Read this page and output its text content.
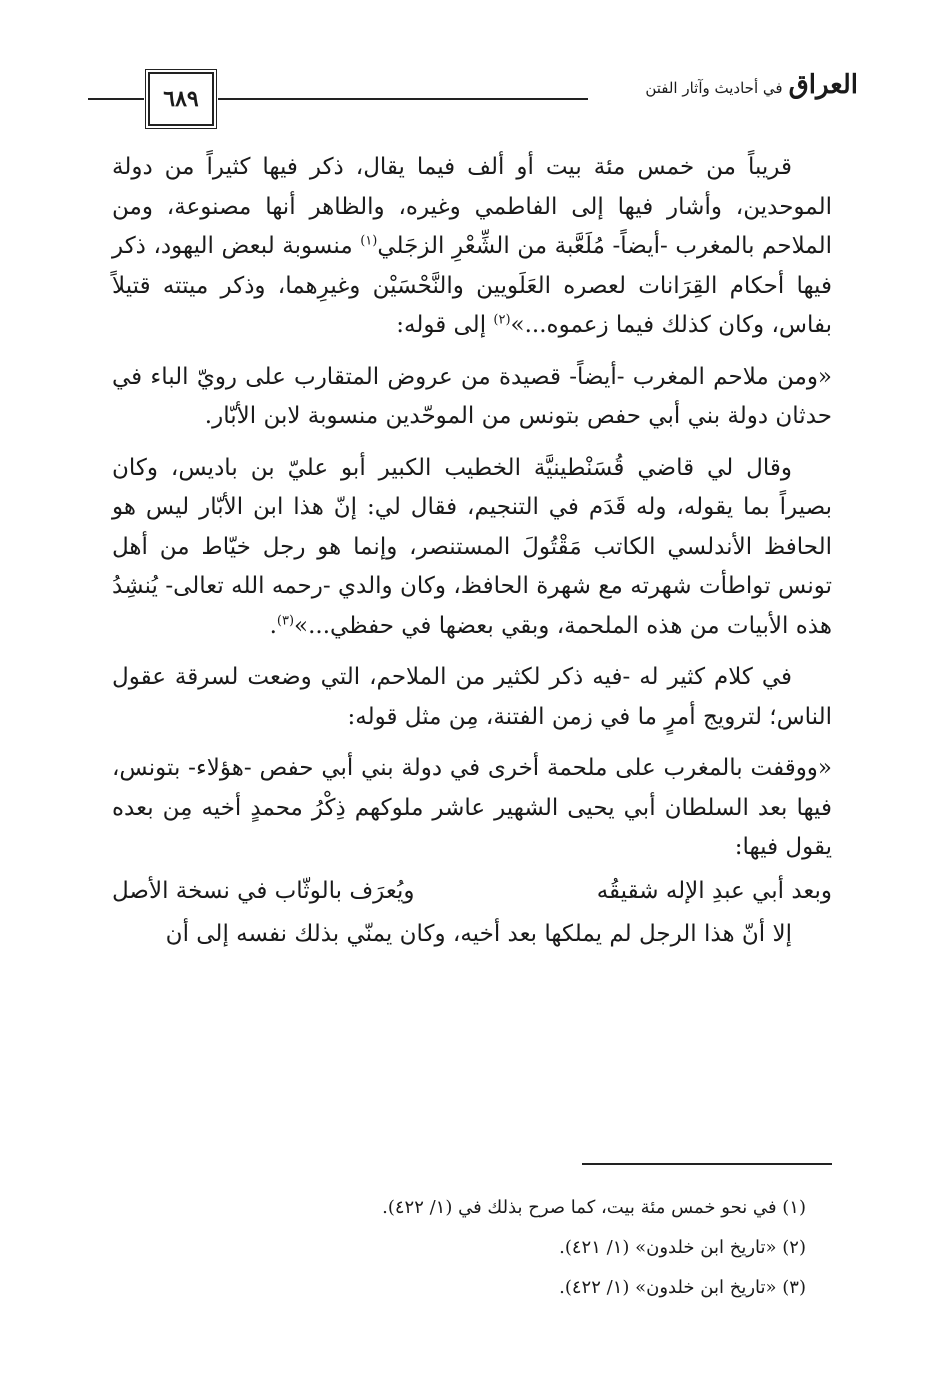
٦٨٩	العراق
في أحاديث وآثار الفتن

قريباً من خمس مئة بيت أو ألف فيما يقال، ذكر فيها كثيراً من دولة الموحدين، وأشار فيها إلى الفاطمي وغيره، والظاهر أنها مصنوعة، ومن الملاحم بالمغرب -أيضاً- مُلَعَّبة من الشِّعْرِ الزجَلي$^{(١)}$ منسوبة لبعض اليهود، ذكر فيها أحكام القِرَانات لعصره العَلَويين والنَّحْسَيْن وغيرِهما، وذكر ميتته قتيلاً بفاس، وكان كذلك فيما زعموه...»$^{(٢)}$ إلى قوله:

«ومن ملاحم المغرب -أيضاً- قصيدة من عروض المتقارب على رويّ الباء في حدثان دولة بني أبي حفص بتونس من الموحّدين منسوبة لابن الأبّار.

وقال لي قاضي قُسَنْطينيَّة الخطيب الكبير أبو عليّ بن باديس، وكان بصيراً بما يقوله، وله قَدَم في التنجيم، فقال لي: إنّ هذا ابن الأبّار ليس هو الحافظ الأندلسي الكاتب مَقْتُولَ المستنصر، وإنما هو رجل خيّاط من أهل تونس تواطأت شهرته مع شهرة الحافظ، وكان والدي -رحمه الله تعالى- يُنشِدُ هذه الأبيات من هذه الملحمة، وبقي بعضها في حفظي...»$^{(٣)}$.

في كلام كثير له -فيه ذكر لكثير من الملاحم، التي وضعت لسرقة عقول الناس؛ لترويج أمرٍ ما في زمن الفتنة، مِن مثل قوله:

«ووقفت بالمغرب على ملحمة أخرى في دولة بني أبي حفص -هؤلاء- بتونس، فيها بعد السلطان أبي يحيى الشهير عاشر ملوكهم ذِكْرُ محمدٍ أخيه مِن بعده يقول فيها:

وبعد أبي عبدِ الإله شقيقُه
ويُعرَف بالوثّاب في نسخة الأصل

إلا أنّ هذا الرجل لم يملكها بعد أخيه، وكان يمنّي بذلك نفسه إلى أن

(١) في نحو خمس مئة بيت، كما صرح بذلك في (١/ ٤٢٢).

(٢) «تاريخ ابن خلدون» (١/ ٤٢١).

(٣) «تاريخ ابن خلدون» (١/ ٤٢٢).
